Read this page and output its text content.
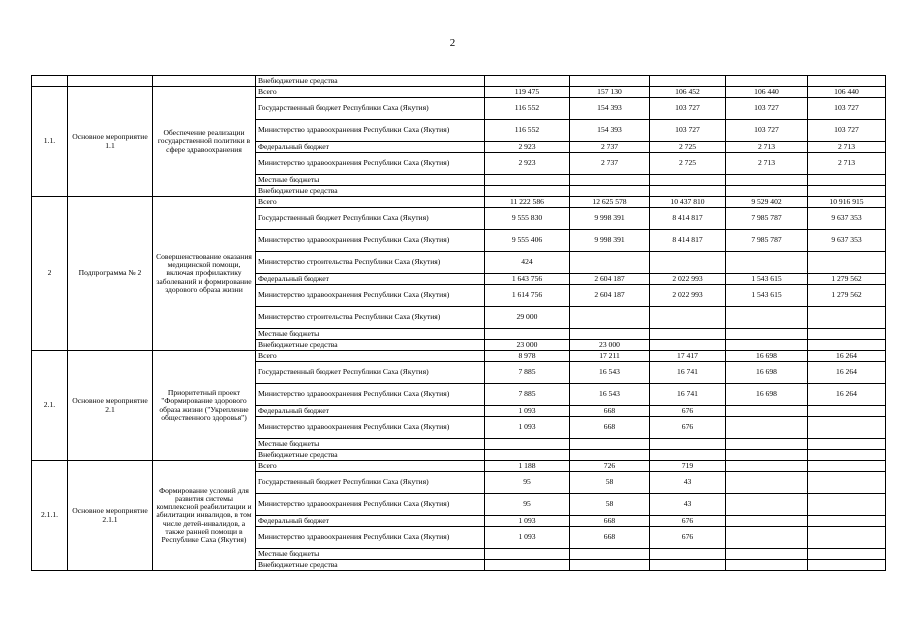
2
			Внебюджетные средства					
1.1.	Основное мероприятие 1.1	Обеспечение реализации государственной политики в сфере здравоохранения	Всего	119 475	157 130	106 452	106 440	106 440
			Государственный бюджет Республики Саха (Якутия)	116 552	154 393	103 727	103 727	103 727
			Министерство здравоохранения Республики Саха (Якутия)	116 552	154 393	103 727	103 727	103 727
			Федеральный бюджет	2 923	2 737	2 725	2 713	2 713
			Министерство здравоохранения Республики Саха (Якутия)	2 923	2 737	2 725	2 713	2 713
			Местные бюджеты					
			Внебюджетные средства					
2	Подпрограмма № 2	Совершенствование оказания медицинской помощи, включая профилактику заболеваний и формирование здорового образа жизни	Всего	11 222 586	12 625 578	10 437 810	9 529 402	10 916 915
			Государственный бюджет Республики Саха (Якутия)	9 555 830	9 998 391	8 414 817	7 985 787	9 637 353
			Министерство здравоохранения Республики Саха (Якутия)	9 555 406	9 998 391	8 414 817	7 985 787	9 637 353
			Министерство строительства Республики Саха (Якутия)	424				
			Федеральный бюджет	1 643 756	2 604 187	2 022 993	1 543 615	1 279 562
			Министерство здравоохранения Республики Саха (Якутия)	1 614 756	2 604 187	2 022 993	1 543 615	1 279 562
			Министерство строительства Республики Саха (Якутия)	29 000				
			Местные бюджеты					
			Внебюджетные средства	23 000	23 000			
2.1.	Основное мероприятие 2.1	Приоритетный проект "Формирование здорового образа жизни ("Укрепление общественного здоровья")	Всего	8 978	17 211	17 417	16 698	16 264
			Государственный бюджет Республики Саха (Якутия)	7 885	16 543	16 741	16 698	16 264
			Министерство здравоохранения Республики Саха (Якутия)	7 885	16 543	16 741	16 698	16 264
			Федеральный бюджет	1 093	668	676		
			Министерство здравоохранения Республики Саха (Якутия)	1 093	668	676		
			Местные бюджеты					
			Внебюджетные средства					
2.1.1.	Основное мероприятие 2.1.1	Формирование условий для развития системы комплексной реабилитации и абилитации инвалидов, в том числе детей-инвалидов, а также ранней помощи в Республике Саха (Якутия)	Всего	1 188	726	719		
			Государственный бюджет Республики Саха (Якутия)	95	58	43		
			Министерство здравоохранения Республики Саха (Якутия)	95	58	43		
			Федеральный бюджет	1 093	668	676		
			Министерство здравоохранения Республики Саха (Якутия)	1 093	668	676		
			Местные бюджеты					
			Внебюджетные средства					
